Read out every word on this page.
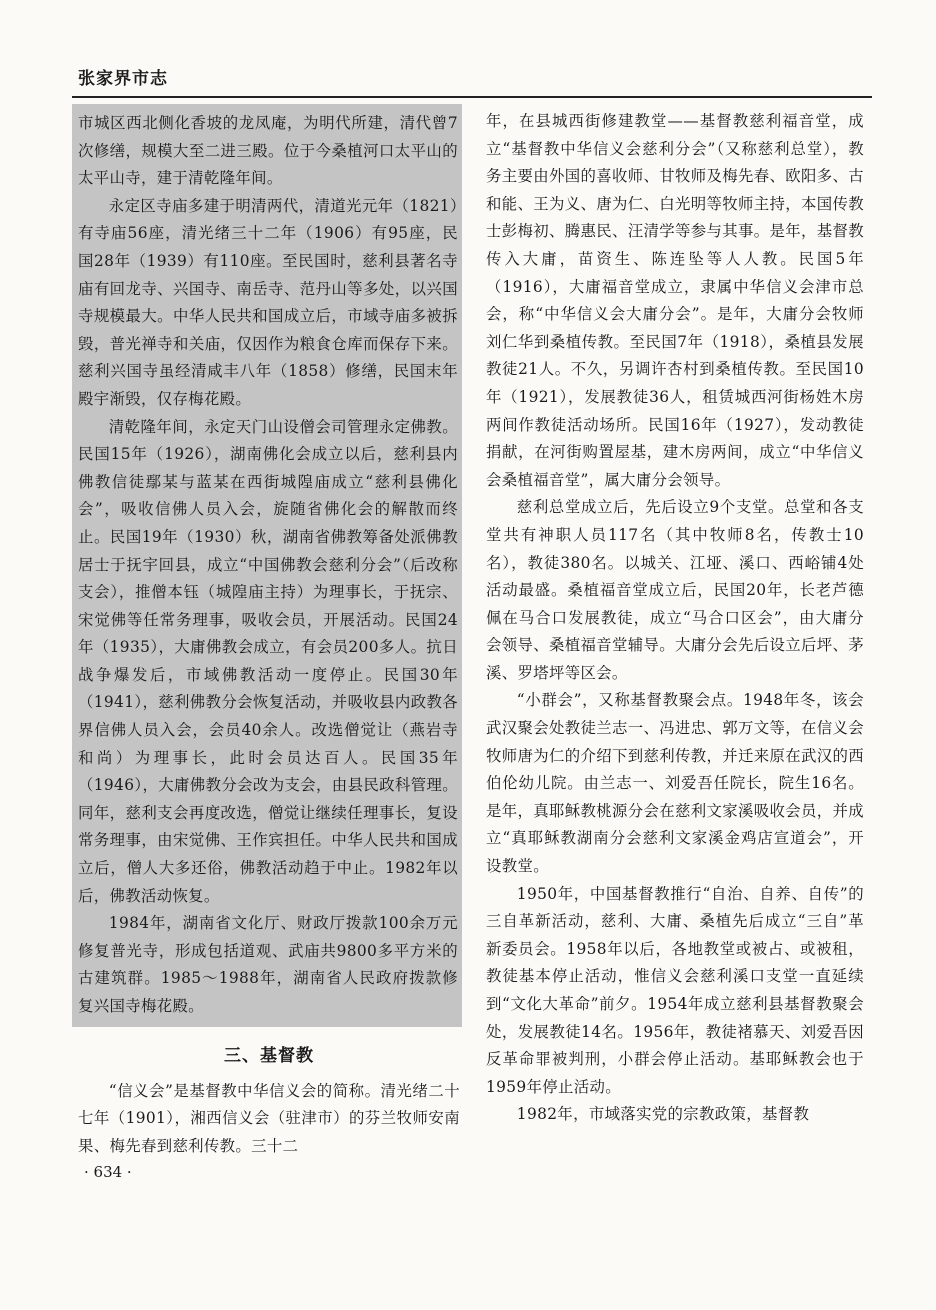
张家界市志

市城区西北侧化香坡的龙凤庵，为明代所建，清代曾7次修缮，规模大至二进三殿。位于今桑植河口太平山的太平山寺，建于清乾隆年间。

永定区寺庙多建于明清两代，清道光元年（1821）有寺庙56座，清光绪三十二年（1906）有95座，民国28年（1939）有110座。至民国时，慈利县著名寺庙有回龙寺、兴国寺、南岳寺、范丹山等多处，以兴国寺规模最大。中华人民共和国成立后，市域寺庙多被拆毁，普光禅寺和关庙，仅因作为粮食仓库而保存下来。慈利兴国寺虽经清咸丰八年（1858）修缮，民国末年殿宇渐毁，仅存梅花殿。

清乾隆年间，永定天门山设僧会司管理永定佛教。民国15年（1926），湖南佛化会成立以后，慈利县内佛教信徒鄢某与蓝某在西街城隍庙成立“慈利县佛化会”，吸收信佛人员入会，旋随省佛化会的解散而终止。民国19年（1930）秋，湖南省佛教筹备处派佛教居士于抚宇回县，成立“中国佛教会慈利分会”（后改称支会），推僧本钰（城隍庙主持）为理事长，于抚宗、宋觉佛等任常务理事，吸收会员，开展活动。民国24年（1935），大庸佛教会成立，有会员200多人。抗日战争爆发后，市域佛教活动一度停止。民国30年（1941），慈利佛教分会恢复活动，并吸收县内政教各界信佛人员入会，会员40余人。改选僧觉让（燕岩寺和尚）为理事长，此时会员达百人。民国35年（1946），大庸佛教分会改为支会，由县民政科管理。同年，慈利支会再度改选，僧觉让继续任理事长，复设常务理事，由宋觉佛、王作宾担任。中华人民共和国成立后，僧人大多还俗，佛教活动趋于中止。1982年以后，佛教活动恢复。

1984年，湖南省文化厅、财政厅拨款100余万元修复普光寺，形成包括道观、武庙共9800多平方米的古建筑群。1985～1988年，湖南省人民政府拨款修复兴国寺梅花殿。

三、基督教

“信义会”是基督教中华信义会的简称。清光绪二十七年（1901），湘西信义会（驻津市）的芬兰牧师安南果、梅先春到慈利传教。三十二

年，在县城西街修建教堂——基督教慈利福音堂，成立“基督教中华信义会慈利分会”（又称慈利总堂），教务主要由外国的喜收师、甘牧师及梅先春、欧阳多、古和能、王为义、唐为仁、白光明等牧师主持，本国传教士彭梅初、腾惠民、汪清学等参与其事。是年，基督教传入大庸，苗资生、陈连坠等人人教。民国5年（1916），大庸福音堂成立，隶属中华信义会津市总会，称“中华信义会大庸分会”。是年，大庸分会牧师刘仁华到桑植传教。至民国7年（1918），桑植县发展教徒21人。不久，另调许杏村到桑植传教。至民国10年（1921），发展教徒36人，租赁城西河街杨姓木房两间作教徒活动场所。民国16年（1927），发动教徒捐献，在河街购置屋基，建木房两间，成立“中华信义会桑植福音堂”，属大庸分会领导。

慈利总堂成立后，先后设立9个支堂。总堂和各支堂共有神职人员117名（其中牧师8名，传教士10名），教徒380名。以城关、江垭、溪口、西峪铺4处活动最盛。桑植福音堂成立后，民国20年，长老芦德佩在马合口发展教徒，成立“马合口区会”，由大庸分会领导、桑植福音堂辅导。大庸分会先后设立后坪、茅溪、罗塔坪等区会。

“小群会”，又称基督教聚会点。1948年冬，该会武汉聚会处教徒兰志一、冯进忠、郭万文等，在信义会牧师唐为仁的介绍下到慈利传教，并迁来原在武汉的西伯伦幼儿院。由兰志一、刘爱吾任院长，院生16名。是年，真耶稣教桃源分会在慈利文家溪吸收会员，并成立“真耶稣教湖南分会慈利文家溪金鸡店宣道会”，开设教堂。

1950年，中国基督教推行“自治、自养、自传”的三自革新活动，慈利、大庸、桑植先后成立“三自”革新委员会。1958年以后，各地教堂或被占、或被租，教徒基本停止活动，惟信义会慈利溪口支堂一直延续到“文化大革命”前夕。1954年成立慈利县基督教聚会处，发展教徒14名。1956年，教徒褚慕天、刘爱吾因反革命罪被判刑，小群会停止活动。基耶稣教会也于1959年停止活动。

1982年，市域落实党的宗教政策，基督教

· 634 ·
